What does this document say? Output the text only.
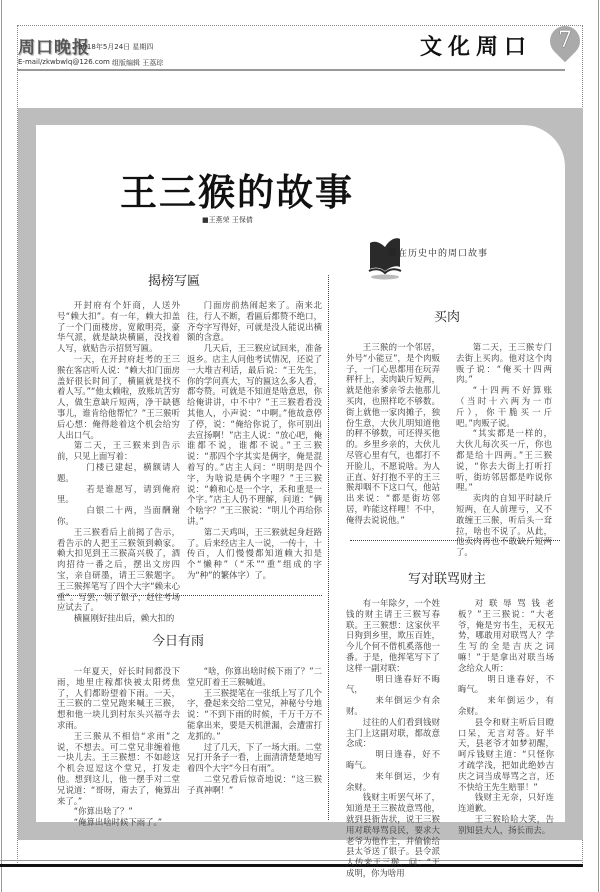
周口晚报
2018年5月24日 星期四
E-mail/zkwbwlq@126.com 组版编辑 王荔琮
文化周口	7
王三猴的故事
■王燕荣 王保倩
藏在历史中的周口故事
揭榜写匾

开封府有个奸商，人送外号“赖大扣”。有一年，赖大扣盖了一个门面楼房，宽敞明亮，豪华气派，就是缺块横匾，没找着人写，就贴告示招贤写匾。

一天，在开封府赶考的王三猴在客店听人说：“赖大扣门面房盖好很长时间了，横匾就是找不着人写。”“他太赖啦，放账坑苦穷人，做生意缺斤短两，净干缺德事儿，谁肯给他帮忙？”王三猴听后心想：俺得趁着这个机会给穷人出口气。

第二天，王三猴来到告示前，只见上面写着：

门楼已建起，横额请人题。

若是谁愿写，请到俺府里。

白银二十两，当面酬谢你。

王三猴看后上前揭了告示，看告示的人把王三猴领到赖家。赖大扣见到王三猴高兴极了，酒肉招待一番之后，摆出文房四宝，亲自研墨，请王三猴题字。王三猴挥笔写了四个大字“赖末心重”。写罢，领了银子，赶往考场应试去了。

横匾刚好挂出后，赖大扣的

门面房前热闹起来了。南来北往，行人不断，看匾后都赞不绝口，齐夸字写得好，可就是没人能说出横额的含意。

几天后，王三猴应试回来，准备返乡。店主人问他考试情况，还说了一大堆吉利话，最后说：“王先生，你的学问真大，写的匾这么多人看，都夸赞。可就是不知道是啥意思，你给俺讲讲，中不中？”王三猴看看没其他人，小声说：“中啊。”他故意停了停，说：“俺给你说了，你可别出去宣扬啊！”店主人说：“放心吧，俺谁都不说，谁都不说。”王三猴说：“那四个字其实是俩字，俺是混着写的。”店主人问：“明明是四个字，为啥说是俩个字哩？”王三猴说：“赖和心是一个字，禾和重是一个字。”店主人仍不理解，问道：“俩个啥字？”王三猴说：“明儿个再给你讲。”

第二天鸡叫，王三猴就起身赶路了。后来经店主人一说，一传十，十传百，人们慢慢都知道赖大扣是个“懒种”（“禾”“重”组成的字为“种”的繁体字）了。

今日有雨

一年夏天，好长时间都没下雨，地里庄稼都快被太阳烤焦了，人们都盼望着下雨。一天，王三猴的二堂兄跑来喊王三猴，想和他一块儿到村东头兴福寺去求雨。

王三猴从不相信“求雨”之说，不想去。可二堂兄非缠着他一块儿去。王三猴想：不如趁这个机会逗逗这个堂兄，打发走他。想到这儿，他一摆手对二堂兄说道：“哥呀，甭去了，俺算出来了。”

“你算出啥了？”

“俺算出啥时候下雨了。”

“啥，你算出啥时候下雨了？”二堂兄盯着王三猴喊道。

王三猴提笔在一张纸上写了几个字，叠起来交给二堂兄，神秘兮兮地说：“不到下雨的时候，千万千万不能拿出来，要是天机泄漏，会遭雷打龙抓的。”

过了几天，下了一场大雨。二堂兄打开条子一看，上面清清楚楚地写着四个大字“今日有雨”。

二堂兄看后惊奇地说：“这三猴子真神啊！”

买肉

王三猴的一个邻居，外号“小能豆”，是个肉贩子，一门心思都用在玩弄秤杆上，卖肉缺斤短两，就是他亲爹亲爷去他那儿买肉，也照样吃不够数。街上就他一家肉摊子，独份生意，大伙儿明知道他的秤不够数，可还得买他的。乡里乡亲的，大伙儿尽管心里有气，也都打不开脸儿，不愿说啥。为人正直、好打抱不平的王三猴却咽不下这口气，他站出来说：“都是街坊邻居，咋能这样哩！不中，俺得去说说他。”

第二天，王三猴专门去街上买肉。他对这个肉贩子说：“俺买十四两肉。”

“十四两不好算账（当时十六两为一市斤），你干脆买一斤吧。”肉贩子说。

“其实都是一样的，大伙儿每次买一斤，你也都是给十四两。”王三猴说，“你去大街上打听打听，街坊邻居都是咋说你哩。”

卖肉的自知平时缺斤短两，在人前理亏，又不敢缠王三猴，听后头一耷拉，啥也不说了。从此，他卖肉再也不敢缺斤短两了。

写对联骂财主

有一年除夕，一个姓钱的财主请王三猴写春联。王三猴想：这家伙平日狗到乡里，欺压百姓，今儿个何不借机奚落他一番。于是，他挥笔写下了这样一副对联：

明日逢春好不晦气，

来年倒运少有余财。

过往的人们看到钱财主门上这副对联，都故意念成：

明日逢春，好不晦气。

来年倒运，少有余财。

钱财主听罢气坏了，知道是王三猴故意骂他，就到县衙告状，说王三猴用对联辱骂良民，要求大老爷为他作主，并偷偷给县太爷送了银子。县令派人传来王三猴，问：“王成明，你为啥用

对联辱骂钱老板？”王三猴说：“大老爷，俺是穷书生，无权无势，哪敢用对联骂人？学生写的全是吉庆之词嘛！”于是拿出对联当场念给众人听：

明日逢春好，不晦气。

来年倒运少，有余财。

县令和财主听后目瞪口呆，无言对答。好半天，县老爷才如梦初醒，呵斥钱财主道：“只怪你才疏学浅，把如此绝妙吉庆之词当成辱骂之言，还不快给王先生赔罪！”

钱财主无奈，只好连连道歉。

王三猴哈哈大笑，告别知县大人，扬长而去。
